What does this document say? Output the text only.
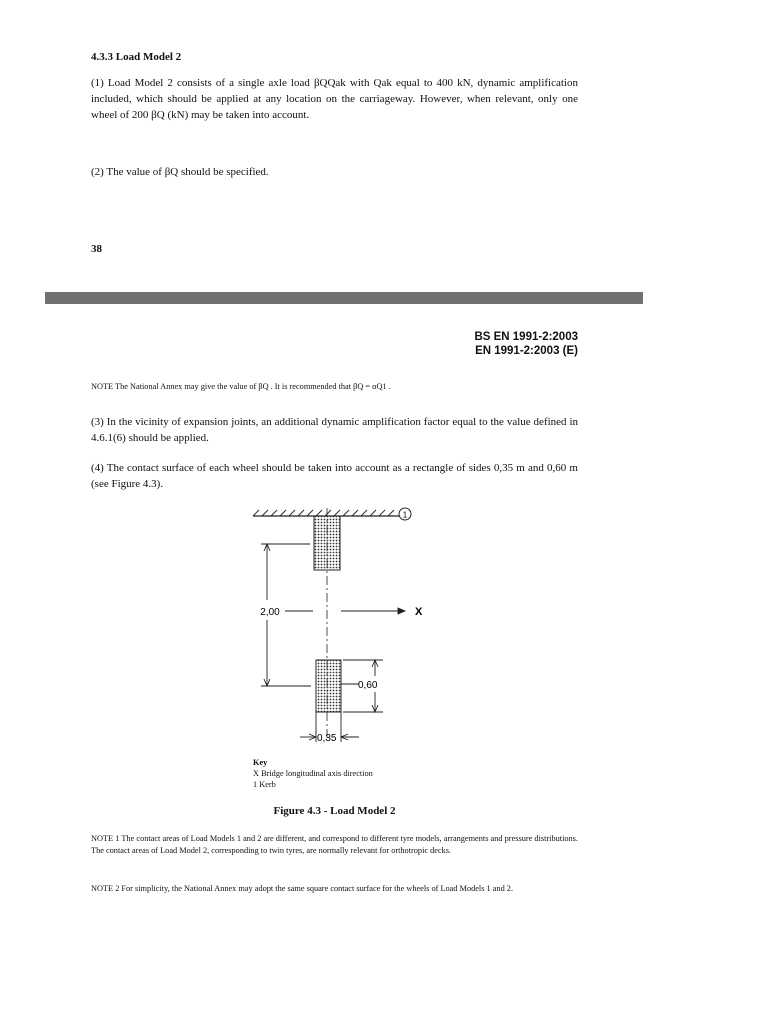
4.3.3 Load Model 2
(1) Load Model 2 consists of a single axle load βQQak with Qak equal to 400 kN, dynamic amplification included, which should be applied at any location on the carriageway. However, when relevant, only one wheel of 200 βQ (kN) may be taken into account.
(2) The value of βQ should be specified.
38
BS EN 1991-2:2003
EN 1991-2:2003 (E)
NOTE The National Annex may give the value of βQ . It is recommended that βQ = αQ1 .
(3) In the vicinity of expansion joints, an additional dynamic amplification factor equal to the value defined in 4.6.1(6) should be applied.
(4) The contact surface of each wheel should be taken into account as a rectangle of sides 0,35 m and 0,60 m (see Figure 4.3).
1
2,00	X
0,60
0,35
Key
X Bridge longitudinal axis direction
1 Kerb
Figure 4.3 - Load Model 2
NOTE 1 The contact areas of Load Models 1 and 2 are different, and correspond to different tyre models, arrangements and pressure distributions. The contact areas of Load Model 2, corresponding to twin tyres, are normally relevant for orthotropic decks.
NOTE 2 For simplicity, the National Annex may adopt the same square contact surface for the wheels of Load Models 1 and 2.
